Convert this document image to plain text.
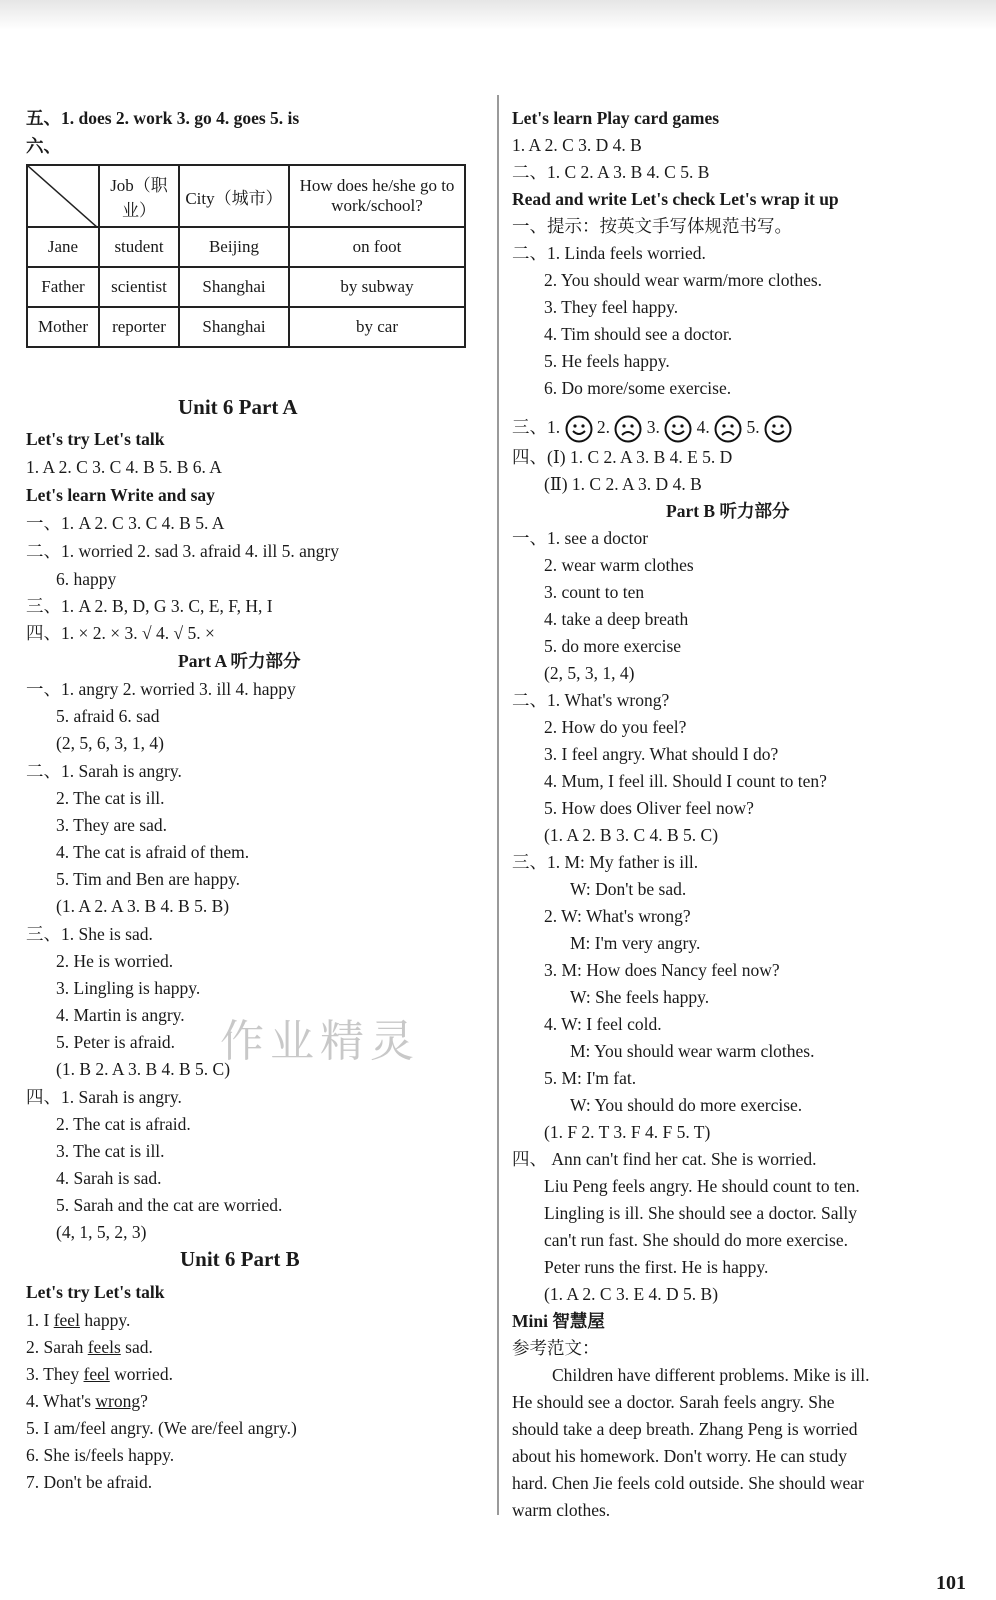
五、1. does 2. work 3. go 4. goes 5. is
六、
	Job（职业）	City（城市）	How does he/she go to work/school?
Jane	student	Beijing	on foot
Father	scientist	Shanghai	by subway
Mother	reporter	Shanghai	by car
Unit 6 Part A
Let's try Let's talk
1. A 2. C 3. C 4. B 5. B 6. A
Let's learn Write and say
一、1. A 2. C 3. C 4. B 5. A
二、1. worried 2. sad 3. afraid 4. ill 5. angry
6. happy
三、1. A 2. B, D, G 3. C, E, F, H, I
四、1. × 2. × 3. √ 4. √ 5. ×
Part A 听力部分
一、1. angry 2. worried 3. ill 4. happy
5. afraid 6. sad
(2, 5, 6, 3, 1, 4)
二、1. Sarah is angry.
2. The cat is ill.
3. They are sad.
4. The cat is afraid of them.
5. Tim and Ben are happy.
(1. A 2. A 3. B 4. B 5. B)
三、1. She is sad.
2. He is worried.
3. Lingling is happy.
4. Martin is angry.
5. Peter is afraid.
(1. B 2. A 3. B 4. B 5. C)
四、1. Sarah is angry.
2. The cat is afraid.
3. The cat is ill.
4. Sarah is sad.
5. Sarah and the cat are worried.
(4, 1, 5, 2, 3)
Unit 6 Part B
Let's try Let's talk
1. I feel happy.
2. Sarah feels sad.
3. They feel worried.
4. What's wrong?
5. I am/feel angry. (We are/feel angry.)
6. She is/feels happy.
7. Don't be afraid.
Let's learn Play card games
1. A 2. C 3. D 4. B
二、1. C 2. A 3. B 4. C 5. B
Read and write Let's check Let's wrap it up
一、提示：按英文手写体规范书写。
二、1. Linda feels worried.
2. You should wear warm/more clothes.
3. They feel happy.
4. Tim should see a doctor.
5. He feels happy.
6. Do more/some exercise.
三、1. 2. 3. 4. 5.
四、(Ⅰ) 1. C 2. A 3. B 4. E 5. D
(Ⅱ) 1. C 2. A 3. D 4. B
Part B 听力部分
一、1. see a doctor
2. wear warm clothes
3. count to ten
4. take a deep breath
5. do more exercise
(2, 5, 3, 1, 4)
二、1. What's wrong?
2. How do you feel?
3. I feel angry. What should I do?
4. Mum, I feel ill. Should I count to ten?
5. How does Oliver feel now?
(1. A 2. B 3. C 4. B 5. C)
三、1. M: My father is ill.
W: Don't be sad.
2. W: What's wrong?
M: I'm very angry.
3. M: How does Nancy feel now?
W: She feels happy.
4. W: I feel cold.
M: You should wear warm clothes.
5. M: I'm fat.
W: You should do more exercise.
(1. F 2. T 3. F 4. F 5. T)
四、 Ann can't find her cat. She is worried.
Liu Peng feels angry. He should count to ten.
Lingling is ill. She should see a doctor. Sally
can't run fast. She should do more exercise.
Peter runs the first. He is happy.
(1. A 2. C 3. E 4. D 5. B)
Mini 智慧屋
参考范文：
Children have different problems. Mike is ill.
He should see a doctor. Sarah feels angry. She
should take a deep breath. Zhang Peng is worried
about his homework. Don't worry. He can study
hard. Chen Jie feels cold outside. She should wear
warm clothes.
作业精灵
101
